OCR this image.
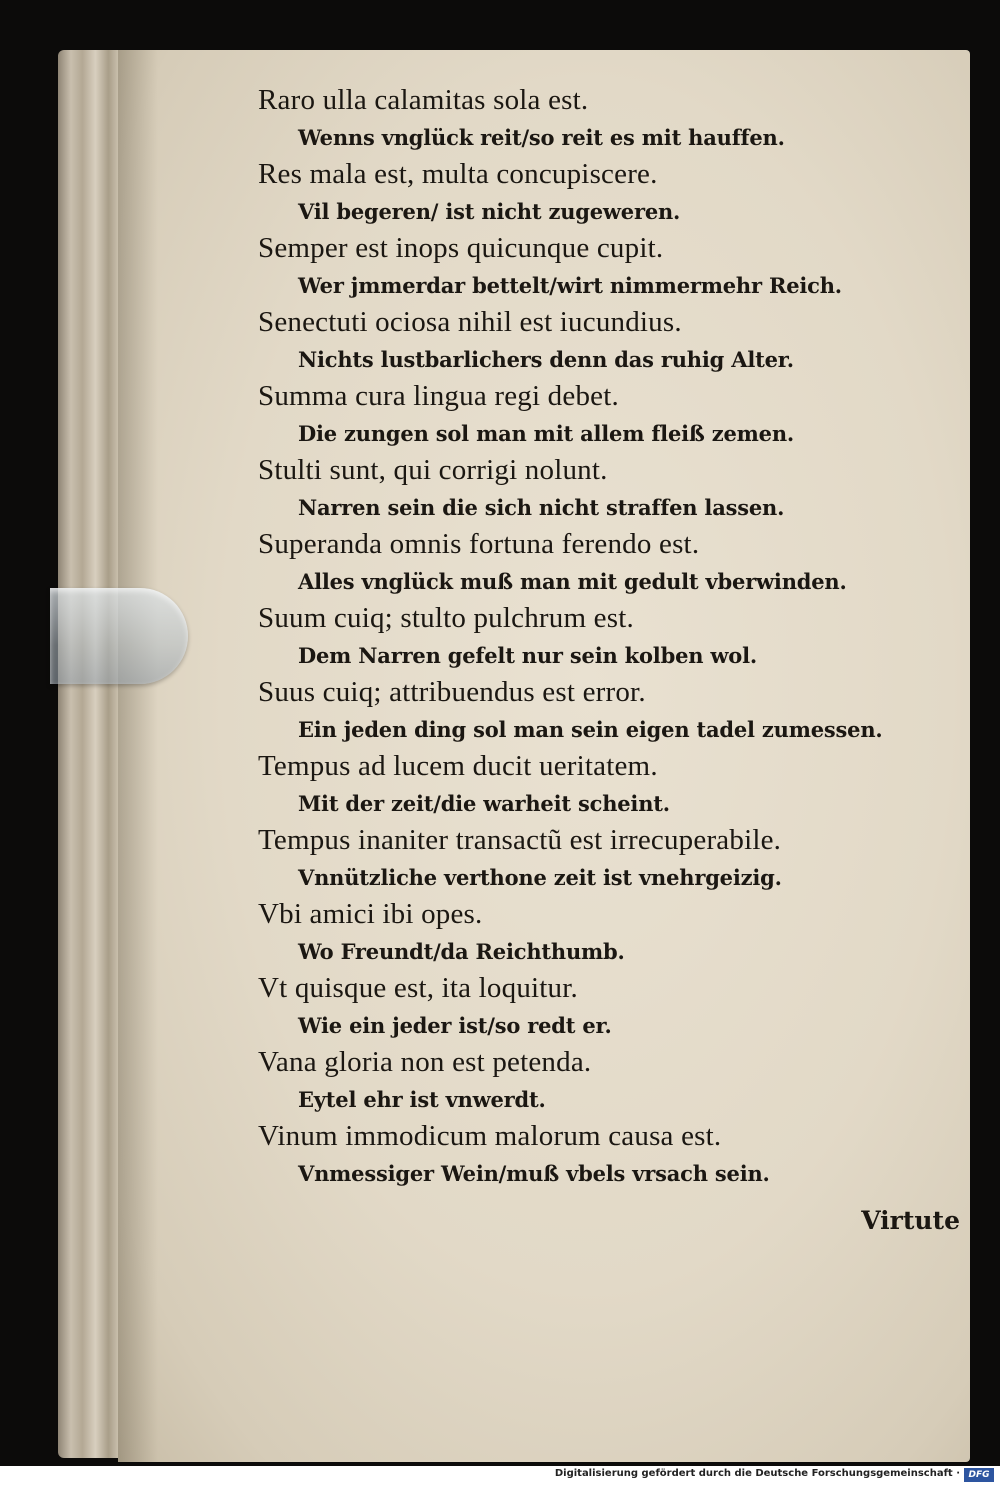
Raro ulla calamitas sola est.
Wenns vnglück reit/so reit es mit hauffen.
Res mala est, multa concupiscere.
Vil begeren/ ist nicht zugeweren.
Semper est inops quicunque cupit.
Wer jmmerdar bettelt/wirt nimmermehr Reich.
Senectuti ociosa nihil est iucundius.
Nichts lustbarlichers denn das ruhig Alter.
Summa cura lingua regi debet.
Die zungen sol man mit allem fleiß zemen.
Stulti sunt, qui corrigi nolunt.
Narren sein die sich nicht straffen lassen.
Superanda omnis fortuna ferendo est.
Alles vnglück muß man mit gedult vberwinden.
Suum cuiq; stulto pulchrum est.
Dem Narren gefelt nur sein kolben wol.
Suus cuiq; attribuendus est error.
Ein jeden ding sol man sein eigen tadel zumessen.
Tempus ad lucem ducit ueritatem.
Mit der zeit/die warheit scheint.
Tempus inaniter transactũ est irrecuperabile.
Vnnützliche verthone zeit ist vnehrgeizig.
Vbi amici ibi opes.
Wo Freundt/da Reichthumb.
Vt quisque est, ita loquitur.
Wie ein jeder ist/so redt er.
Vana gloria non est petenda.
Eytel ehr ist vnwerdt.
Vinum immodicum malorum causa est.
Vnmessiger Wein/muß vbels vrsach sein.
Virtute
Digitalisierung gefördert durch die Deutsche Forschungsgemeinschaft · DFG
